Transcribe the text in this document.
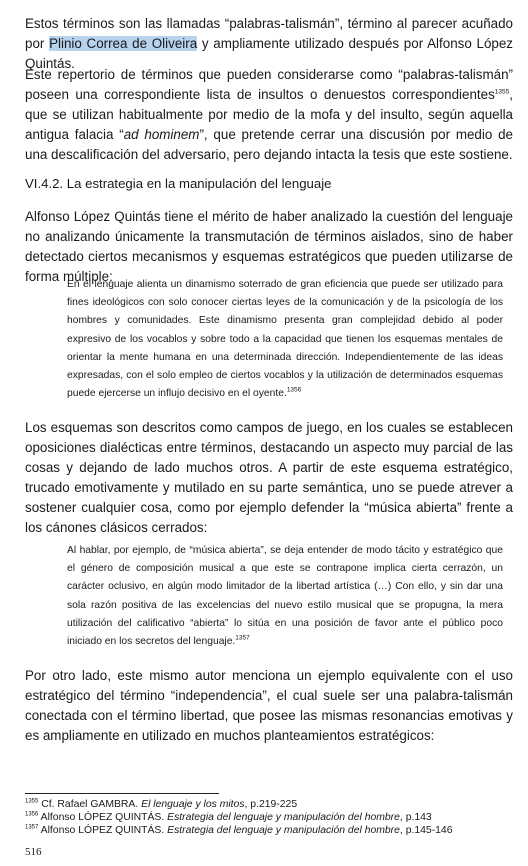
Estos términos son las llamadas “palabras-talismán”, término al parecer acuñado por Plinio Correa de Oliveira y ampliamente utilizado después por Alfonso López Quintás.

Este repertorio de términos que pueden considerarse como “palabras-talismán” poseen una correspondiente lista de insultos o denuestos correspondientes$^{1355}$, que se utilizan habitualmente por medio de la mofa y del insulto, según aquella antigua falacia “ad hominem”, que pretende cerrar una discusión por medio de una descalificación del adversario, pero dejando intacta la tesis que este sostiene.

VI.4.2. La estrategia en la manipulación del lenguaje

Alfonso López Quintás tiene el mérito de haber analizado la cuestión del lenguaje no analizando únicamente la transmutación de términos aislados, sino de haber detectado ciertos mecanismos y esquemas estratégicos que pueden utilizarse de forma múltiple:

En el lenguaje alienta un dinamismo soterrado de gran eficiencia que puede ser utilizado para fines ideológicos con solo conocer ciertas leyes de la comunicación y de la psicología de los hombres y comunidades. Este dinamismo presenta gran complejidad debido al poder expresivo de los vocablos y sobre todo a la capacidad que tienen los esquemas mentales de orientar la mente humana en una determinada dirección. Independientemente de las ideas expresadas, con el solo empleo de ciertos vocablos y la utilización de determinados esquemas puede ejercerse un influjo decisivo en el oyente.$^{1356}$

Los esquemas son descritos como campos de juego, en los cuales se establecen oposiciones dialécticas entre términos, destacando un aspecto muy parcial de las cosas y dejando de lado muchos otros. A partir de este esquema estratégico, trucado emotivamente y mutilado en su parte semántica, uno se puede atrever a sostener cualquier cosa, como por ejemplo defender la “música abierta” frente a los cánones clásicos cerrados:

Al hablar, por ejemplo, de “música abierta”, se deja entender de modo tácito y estratégico que el género de composición musical a que este se contrapone implica cierta cerrazón, un carácter oclusivo, en algún modo limitador de la libertad artística (…) Con ello, y sin dar una sola razón positiva de las excelencias del nuevo estilo musical que se propugna, la mera utilización del calificativo “abierta” lo sitúa en una posición de favor ante el público poco iniciado en los secretos del lenguaje.$^{1357}$

Por otro lado, este mismo autor menciona un ejemplo equivalente con el uso estratégico del término “independencia”, el cual suele ser una palabra-talismán conectada con el término libertad, que posee las mismas resonancias emotivas y es ampliamente en utilizado en muchos planteamientos estratégicos:

$^{1355}$ Cf. Rafael GAMBRA. El lenguaje y los mitos, p.219-225
$^{1356}$ Alfonso LÓPEZ QUINTÁS. Estrategia del lenguaje y manipulación del hombre, p.143
$^{1357}$ Alfonso LÓPEZ QUINTÁS. Estrategia del lenguaje y manipulación del hombre, p.145-146
516
